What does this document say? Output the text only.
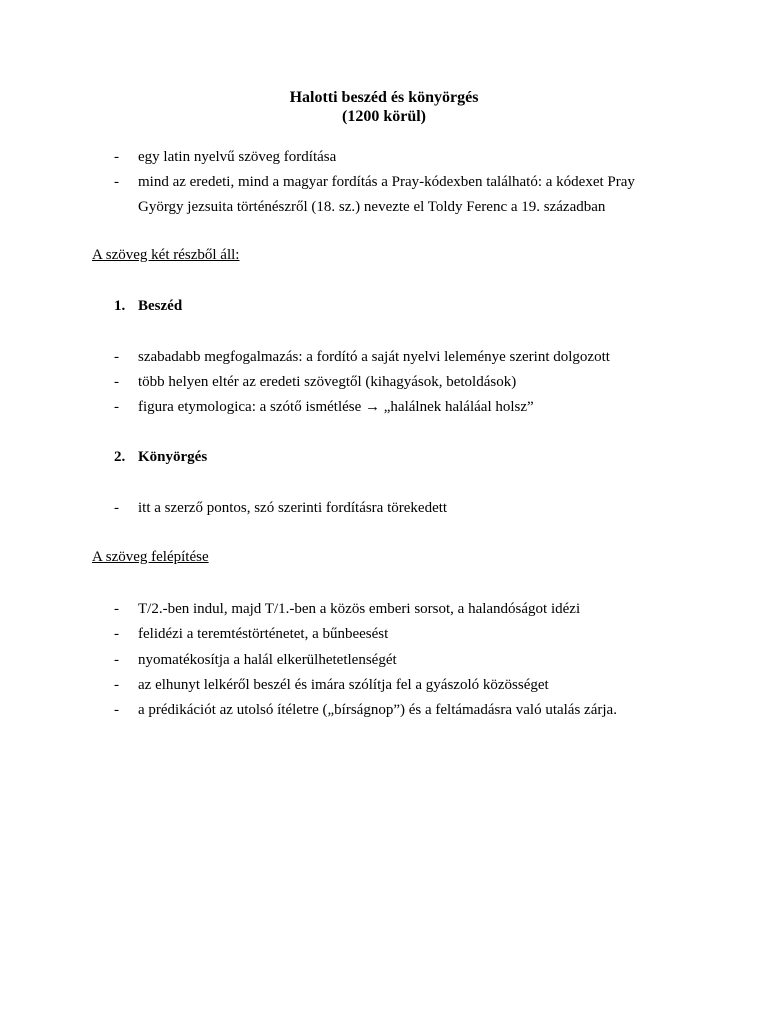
Halotti beszéd és könyörgés
(1200 körül)
-	egy latin nyelvű szöveg fordítása
-	mind az eredeti, mind a magyar fordítás a Pray-kódexben található: a kódexet Pray
György jezsuita történészről (18. sz.) nevezte el Toldy Ferenc a 19. században
A szöveg két részből áll:
1. Beszéd
-	szabadabb megfogalmazás: a fordító a saját nyelvi leleménye szerint dolgozott
-	több helyen eltér az eredeti szövegtől (kihagyások, betoldások)
-	figura etymologica: a szótő ismétlése → „halálnek haláláal holsz”
2. Könyörgés
-	itt a szerző pontos, szó szerinti fordításra törekedett
A szöveg felépítése
-	T/2.-ben indul, majd T/1.-ben a közös emberi sorsot, a halandóságot idézi
-	felidézi a teremtéstörténetet, a bűnbeesést
-	nyomatékosítja a halál elkerülhetetlenségét
-	az elhunyt lelkéről beszél és imára szólítja fel a gyászoló közösséget
-	a prédikációt az utolsó ítéletre („bírságnop”) és a feltámadásra való utalás zárja.
